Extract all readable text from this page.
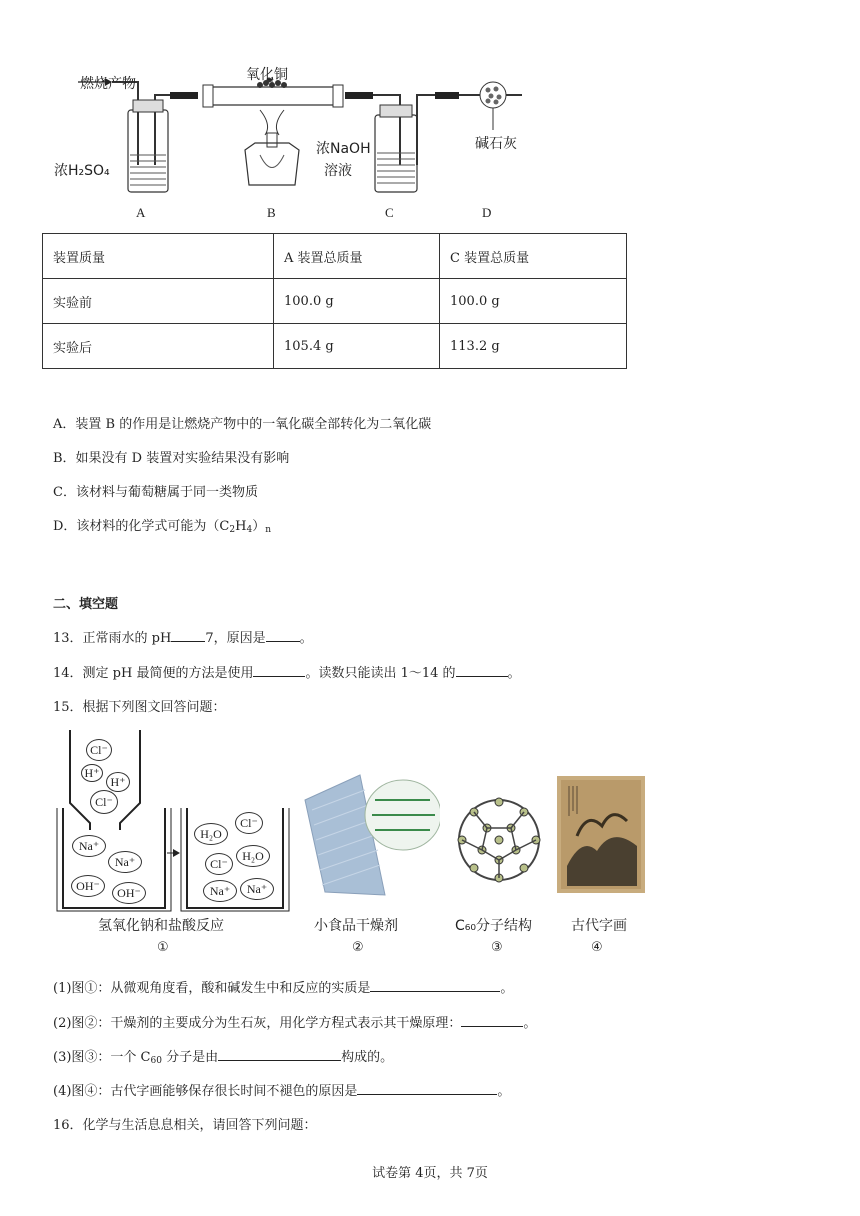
燃烧产物
氧化铜
浓H₂SO₄
浓NaOH
溶液
碱石灰
A	B	C	D
装置质量	A 装置总质量	C 装置总质量
实验前	100.0 g	100.0 g
实验后	105.4 g	113.2 g
A．装置 B 的作用是让燃烧产物中的一氧化碳全部转化为二氧化碳
B．如果没有 D 装置对实验结果没有影响
C．该材料与葡萄糖属于同一类物质
D．该材料的化学式可能为$(C_2H_4)_n$
二、填空题
13．正常雨水的 pH	7，原因是	。
14．测定 pH 最简便的方法是使用	。读数只能读出 1～14 的	。
15．根据下列图文回答问题：
Cl⁻
H⁺
H⁺
Cl⁻
Na⁺
Na⁺
OH⁻	OH⁻
H₂O
Cl⁻
Cl⁻
H₂O
Na⁺	Na⁺
氢氧化钠和盐酸反应	小食品干燥剂	C₆₀分子结构	古代字画
①	②	③	④
(1)图①：从微观角度看，酸和碱发生中和反应的实质是	。
(2)图②：干燥剂的主要成分为生石灰，用化学方程式表示其干燥原理：	。
(3)图③：一个 $C_{60}$ 分子是由	构成的。
(4)图④：古代字画能够保存很长时间不褪色的原因是	。
16．化学与生活息息相关，请回答下列问题：
试卷第 4页，共 7页
